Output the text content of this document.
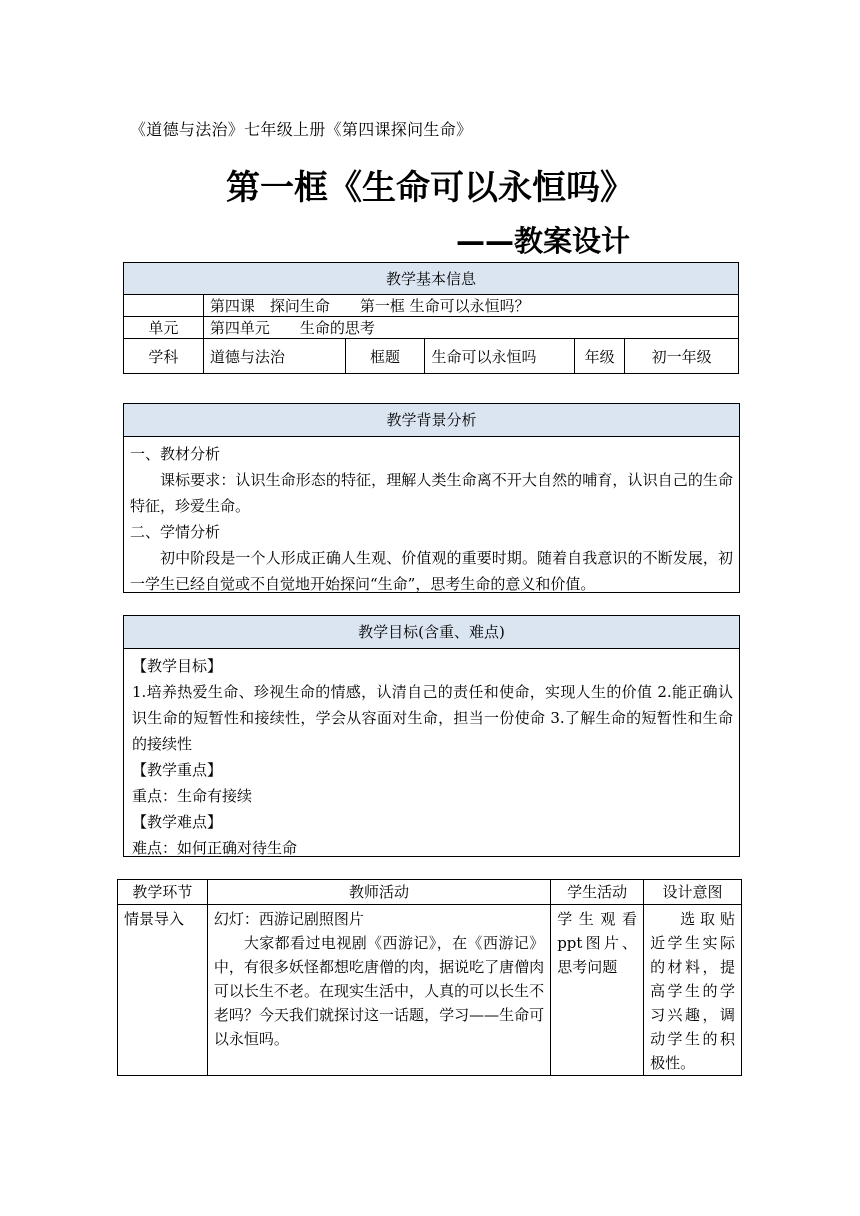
《道德与法治》七年级上册《第四课探问生命》
第一框《生命可以永恒吗》
——教案设计
教学基本信息					
	第四课　探问生命　　第一框 生命可以永恒吗？				
单元	第四单元　　生命的思考				
学科	道德与法治	框题	生命可以永恒吗	年级	初一年级
教学背景分析
一、教材分析
课标要求：认识生命形态的特征，理解人类生命离不开大自然的哺育，认识自己的生命特征，珍爱生命。
二、学情分析
初中阶段是一个人形成正确人生观、价值观的重要时期。随着自我意识的不断发展，初一学生已经自觉或不自觉地开始探问“生命”，思考生命的意义和价值。
教学目标(含重、难点)
【教学目标】
1.培养热爱生命、珍视生命的情感，认清自己的责任和使命，实现人生的价值 2.能正确认识生命的短暂性和接续性，学会从容面对生命，担当一份使命 3.了解生命的短暂性和生命的接续性
【教学重点】
重点：生命有接续
【教学难点】
难点：如何正确对待生命
教学环节	教师活动	学生活动	设计意图
情景导入	幻灯：西游记剧照图片
大家都看过电视剧《西游记》，在《西游记》中，有很多妖怪都想吃唐僧的肉，据说吃了唐僧肉可以长生不老。在现实生活中，人真的可以长生不老吗？今天我们就探讨这一话题，学习——生命可以永恒吗。	学生观看ppt图片、思考问题	选取贴近学生实际的材料，提高学生的学习兴趣，调动学生的积极性。
